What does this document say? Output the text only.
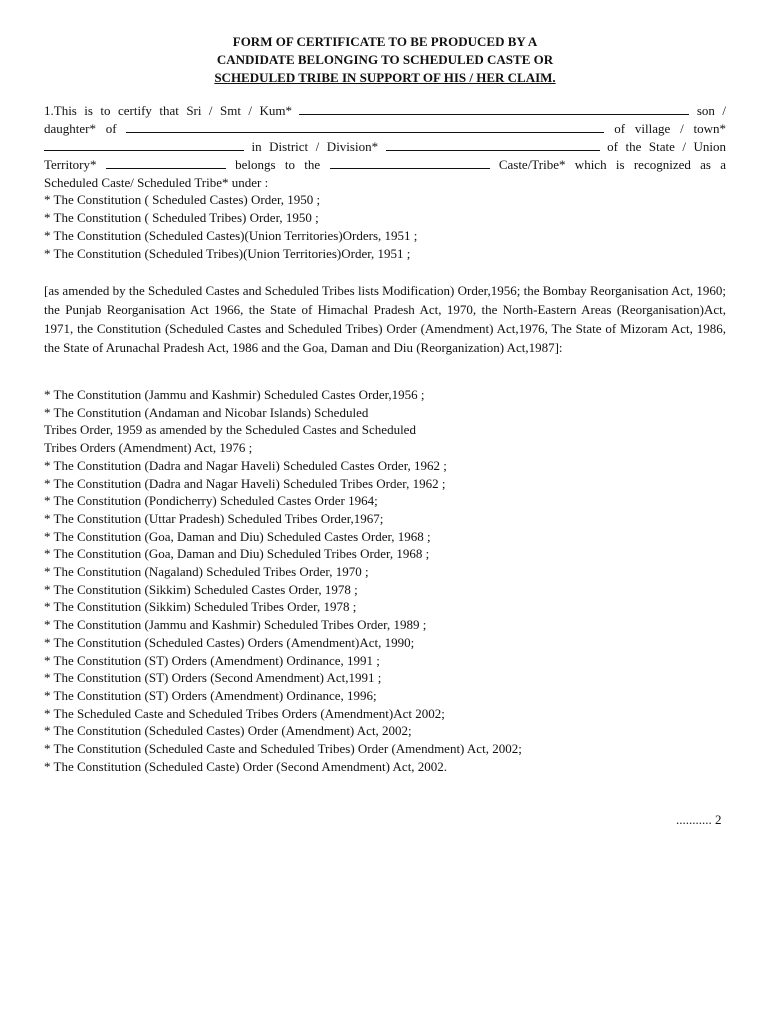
FORM OF CERTIFICATE TO BE PRODUCED BY A
CANDIDATE BELONGING TO SCHEDULED CASTE OR
SCHEDULED TRIBE IN SUPPORT OF HIS / HER CLAIM.
1.This is to certify that Sri / Smt / Kum*	son /
daughter* of	of village / town*
in District / Division*	of the State / Union
Territory*	belongs to the	Caste/Tribe* which is recognized as a
Scheduled Caste/ Scheduled Tribe* under :
* The Constitution ( Scheduled Castes) Order, 1950 ;
* The Constitution ( Scheduled Tribes) Order, 1950 ;
* The Constitution (Scheduled Castes)(Union Territories)Orders, 1951 ;
* The Constitution (Scheduled Tribes)(Union Territories)Order, 1951 ;
[as amended by the Scheduled Castes and Scheduled Tribes lists Modification) Order,1956; the Bombay Reorganisation Act, 1960; the Punjab Reorganisation Act 1966, the State of Himachal Pradesh Act, 1970, the North-Eastern Areas (Reorganisation)Act, 1971, the Constitution (Scheduled Castes and Scheduled Tribes) Order (Amendment) Act,1976, The State of Mizoram Act, 1986, the State of Arunachal Pradesh Act, 1986 and the Goa, Daman and Diu (Reorganization) Act,1987]:
* The Constitution (Jammu and Kashmir) Scheduled Castes Order,1956 ;
* The Constitution (Andaman and Nicobar Islands) Scheduled
Tribes Order, 1959 as amended by the Scheduled Castes and Scheduled
Tribes Orders (Amendment) Act, 1976 ;
* The Constitution (Dadra and Nagar Haveli) Scheduled Castes Order, 1962 ;
* The Constitution (Dadra and Nagar Haveli) Scheduled Tribes Order, 1962 ;
* The Constitution (Pondicherry) Scheduled Castes Order 1964;
* The Constitution (Uttar Pradesh) Scheduled Tribes Order,1967;
* The Constitution (Goa, Daman and Diu) Scheduled Castes Order, 1968 ;
* The Constitution (Goa, Daman and Diu) Scheduled Tribes Order, 1968 ;
* The Constitution (Nagaland) Scheduled Tribes Order, 1970 ;
* The Constitution (Sikkim) Scheduled Castes Order, 1978 ;
* The Constitution (Sikkim) Scheduled Tribes Order, 1978 ;
* The Constitution (Jammu and Kashmir) Scheduled Tribes Order, 1989 ;
* The Constitution (Scheduled Castes) Orders (Amendment)Act, 1990;
* The Constitution (ST) Orders (Amendment) Ordinance, 1991 ;
* The Constitution (ST) Orders (Second Amendment) Act,1991 ;
* The Constitution (ST) Orders (Amendment) Ordinance, 1996;
* The Scheduled Caste and Scheduled Tribes Orders (Amendment)Act 2002;
* The Constitution (Scheduled Castes) Order (Amendment) Act, 2002;
* The Constitution (Scheduled Caste and Scheduled Tribes) Order (Amendment) Act, 2002;
* The Constitution (Scheduled Caste) Order (Second Amendment) Act, 2002.
........... 2
